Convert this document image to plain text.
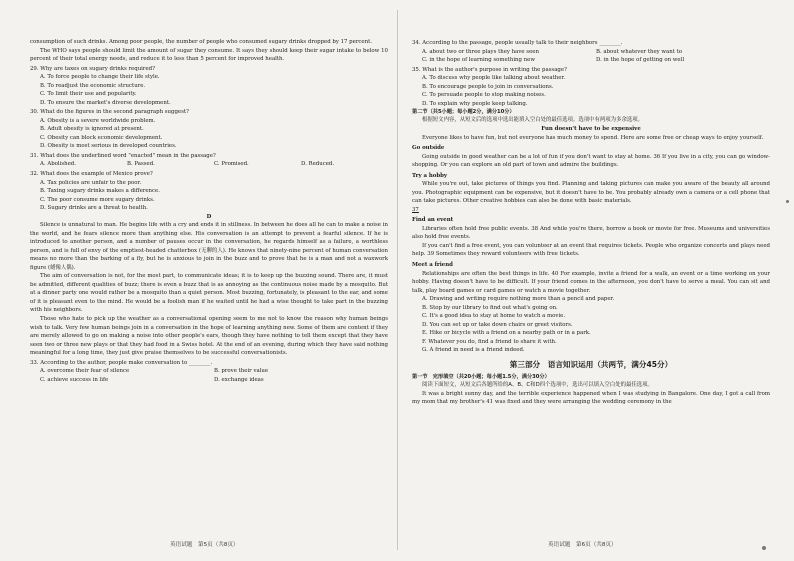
consumption of such drinks. Among poor people, the number of people who consumed sugary drinks dropped by 17 percent.

The WHO says people should limit the amount of sugar they consume. It says they should keep their sugar intake to below 10 percent of their total energy needs, and reduce it to less than 5 percent for improved health.

29. Why are taxes on sugary drinks required?

A. To force people to change their life style.

B. To readjust the economic structure.

C. To limit their use and popularity.

D. To ensure the market's diverse development.

30. What do the figures in the second paragraph suggest?

A. Obesity is a severe worldwide problem.

B. Adult obesity is ignored at present.

C. Obesity can block economic development.

D. Obesity is most serious in developed countries.

31. What does the underlined word "enacted" mean in the passage?

A. Abolished.	B. Passed.	C. Promised.	D. Reduced.

32. What does the example of Mexico prove?

A. Tax policies are unfair to the poor.

B. Taxing sugary drinks makes a difference.

C. The poor consume more sugary drinks.

D. Sugary drinks are a threat to health.

D

Silence is unnatural to man. He begins life with a cry and ends it in stillness. In between he does all he can to make a noise in the world, and he fears silence more than anything else. His conversation is an attempt to prevent a fearful silence. If he is introduced to another person, and a number of pauses occur in the conversation, he regards himself as a failure, a worthless person, and is full of envy of the emptiest-headed chatterbox (无聊的人). He knows that ninety-nine percent of human conversation means no more than the barking of a fly, but he is anxious to join in the buzz and to prove that he is a man and not a waxwork figure (蜡像人偶).

The aim of conversation is not, for the most part, to communicate ideas; it is to keep up the buzzing sound. There are, it must be admitted, different qualities of buzz; there is even a buzz that is as annoying as the continuous noise made by a mosquito. But at a dinner party one would rather be a mosquito than a quiet person. Most buzzing, fortunately, is pleasant to the ear, and some of it is pleasant even to the mind. He would be a foolish man if he waited until he had a wise thought to take part in the buzzing with his neighbors.

Those who hate to pick up the weather as a conversational opening seem to me not to know the reason why human beings wish to talk. Very few human beings join in a conversation in the hope of learning anything new. Some of them are content if they are merely allowed to go on making a noise into other people's ears, though they have nothing to tell them except that they have seen two or three new plays or that they had food in a Swiss hotel. At the end of an evening, during which they have said nothing meaningful for a long time, they just give praise themselves to be successful conversationists.

33. According to the author, people make conversation to ________.

A. overcome their fear of silence	B. prove their value
C. achieve success in life	D. exchange ideas
英语试题　第5页（共8页）

34. According to the passage, people usually talk to their neighbors ________.

A. about two or three plays they have seen	B. about whatever they want to
C. in the hope of learning something new	D. in the hope of getting on well

35. What is the author's purpose in writing the passage?

A. To discuss why people like talking about weather.

B. To encourage people to join in conversations.

C. To persuade people to stop making noises.

D. To explain why people keep talking.

第二节（共5小题；每小题2分，满分10分）

根据短文内容，从短文后的选项中选出能填入空白处的最佳选项。选项中有两项为多余选项。

Fun doesn't have to be expensive

Everyone likes to have fun, but not everyone has much money to spend. Here are some free or cheap ways to enjoy yourself.

Go outside

Going outside in good weather can be a lot of fun if you don't want to stay at home. 36 If you live in a city, you can go window-shopping. Or you can explore an old part of town and admire the buildings.

Try a hobby

While you're out, take pictures of things you find. Planning and taking pictures can make you aware of the beauty all around you. Photographic equipment can be expensive, but it doesn't have to be. You probably already own a camera or a cell phone that can take pictures. Other creative hobbies can also be done with basic materials.

37

Find an event

Libraries often hold free public events. 38 And while you're there, borrow a book or movie for free. Museums and universities also hold free events.

If you can't find a free event, you can volunteer at an event that requires tickets. People who organize concerts and plays need help. 39 Sometimes they reward volunteers with free tickets.

Meet a friend

Relationships are often the best things in life. 40 For example, invite a friend for a walk, an event or a time working on your hobby. Having doesn't have to be difficult. If your friend comes in the afternoon, you don't have to serve a meal. You can sit and talk, play board games or card games or watch a movie together.

A. Drawing and writing require nothing more than a pencil and paper.

B. Stop by our library to find out what's going on.

C. It's a good idea to stay at home to watch a movie.

D. You can set up or take down chairs or greet visitors.

E. Hike or bicycle with a friend on a nearby path or in a park.

F. Whatever you do, find a friend to share it with.

G. A friend in need is a friend indeed.

第三部分　语言知识运用（共两节，满分45分）

第一节　完形填空（共20小题；每小题1.5分，满分30分）

阅读下面短文，从短文后各题所给的A、B、C和D四个选项中，选出可以填入空白处的最佳选项。

It was a bright sunny day, and the terrible experience happened when I was studying in Bangalore. One day, I got a call from my mom that my brother's 41 was fixed and they were arranging the wedding ceremony in the

英语试题　第6页（共8页）
